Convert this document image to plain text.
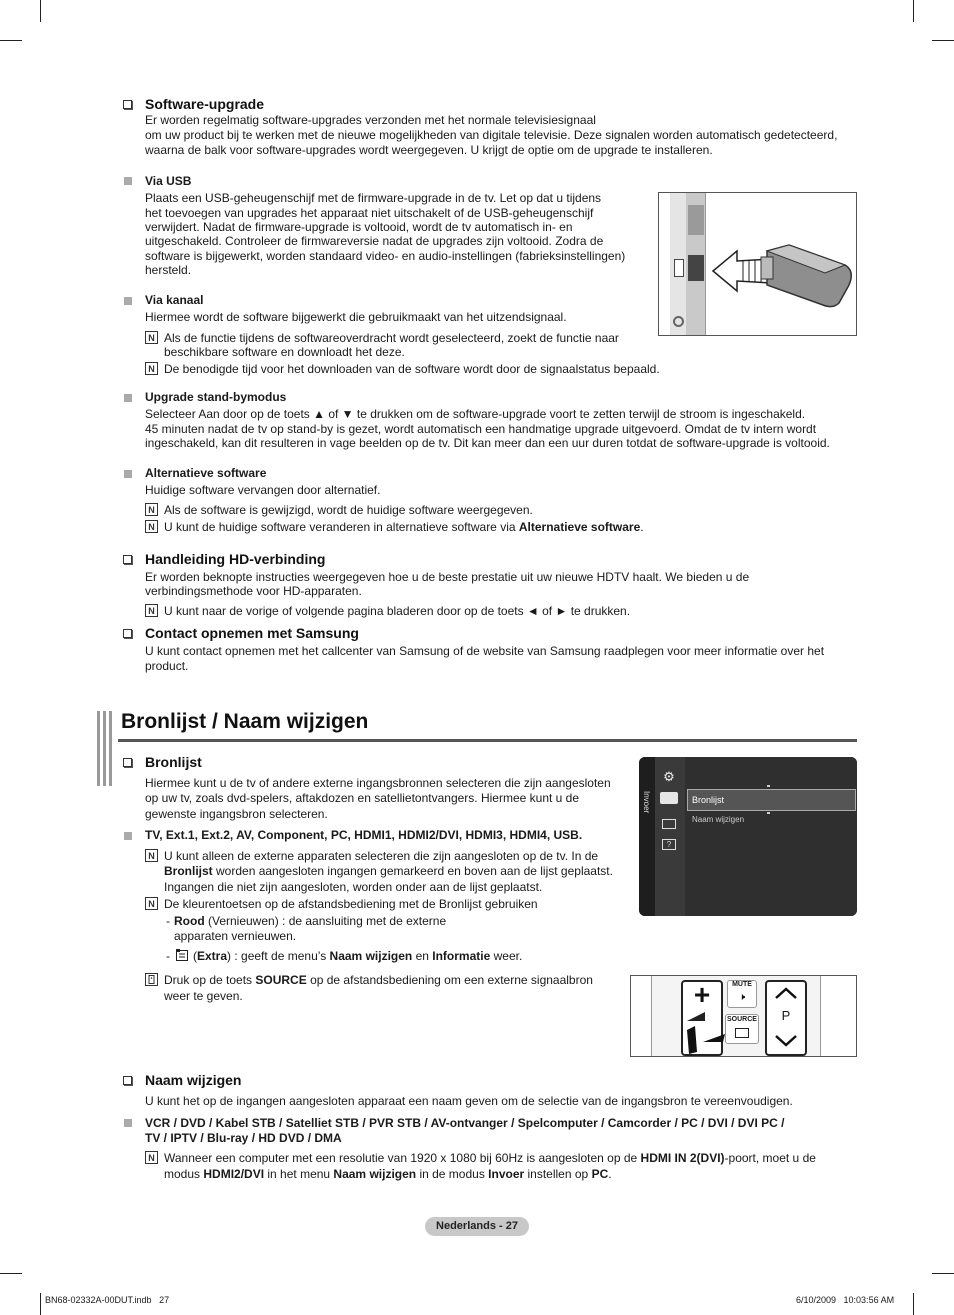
Software-upgrade
Er worden regelmatig software-upgrades verzonden met het normale televisiesignaal
om uw product bij te werken met de nieuwe mogelijkheden van digitale televisie. Deze signalen worden automatisch gedetecteerd,
waarna de balk voor software-upgrades wordt weergegeven. U krijgt de optie om de upgrade te installeren.
Via USB
Plaats een USB-geheugenschijf met de firmware-upgrade in de tv. Let op dat u tijdens
het toevoegen van upgrades het apparaat niet uitschakelt of de USB-geheugenschijf
verwijdert. Nadat de firmware-upgrade is voltooid, wordt de tv automatisch in- en
uitgeschakeld. Controleer de firmwareversie nadat de upgrades zijn voltooid. Zodra de
software is bijgewerkt, worden standaard video- en audio-instellingen (fabrieksinstellingen)
hersteld.
Via kanaal
Hiermee wordt de software bijgewerkt die gebruikmaakt van het uitzendsignaal.
N Als de functie tijdens de softwareoverdracht wordt geselecteerd, zoekt de functie naar
beschikbare software en downloadt het deze.
N De benodigde tijd voor het downloaden van de software wordt door de signaalstatus bepaald.
Upgrade stand-bymodus
Selecteer Aan door op de toets ▲ of ▼ te drukken om de software-upgrade voort te zetten terwijl de stroom is ingeschakeld.
45 minuten nadat de tv op stand-by is gezet, wordt automatisch een handmatige upgrade uitgevoerd. Omdat de tv intern wordt
ingeschakeld, kan dit resulteren in vage beelden op de tv. Dit kan meer dan een uur duren totdat de software-upgrade is voltooid.
Alternatieve software
Huidige software vervangen door alternatief.
N Als de software is gewijzigd, wordt de huidige software weergegeven.
N U kunt de huidige software veranderen in alternatieve software via Alternatieve software.
Handleiding HD-verbinding
Er worden beknopte instructies weergegeven hoe u de beste prestatie uit uw nieuwe HDTV haalt. We bieden u de
verbindingsmethode voor HD-apparaten.
N U kunt naar de vorige of volgende pagina bladeren door op de toets ◄ of ► te drukken.
Contact opnemen met Samsung
U kunt contact opnemen met het callcenter van Samsung of de website van Samsung raadplegen voor meer informatie over het
product.
Bronlijst / Naam wijzigen
Bronlijst
Hiermee kunt u de tv of andere externe ingangsbronnen selecteren die zijn aangesloten
op uw tv, zoals dvd-spelers, aftakdozen en satellietontvangers. Hiermee kunt u de
gewenste ingangsbron selecteren.
TV, Ext.1, Ext.2, AV, Component, PC, HDMI1, HDMI2/DVI, HDMI3, HDMI4, USB.
N U kunt alleen de externe apparaten selecteren die zijn aangesloten op de tv. In de
Bronlijst worden aangesloten ingangen gemarkeerd en boven aan de lijst geplaatst.
Ingangen die niet zijn aangesloten, worden onder aan de lijst geplaatst.
N De kleurentoetsen op de afstandsbediening met de Bronlijst gebruiken
- Rood (Vernieuwen) : de aansluiting met de externe
apparaten vernieuwen.
- (Extra) : geeft de menu’s Naam wijzigen en Informatie weer.
Druk op de toets SOURCE op de afstandsbediening om een externe signaalbron
weer te geven.
Invoer
⚙
?
Bronlijst
Naam wijzigen
+	MUTE
🕨
SOURCE	P
Naam wijzigen
U kunt het op de ingangen aangesloten apparaat een naam geven om de selectie van de ingangsbron te vereenvoudigen.
VCR / DVD / Kabel STB / Satelliet STB / PVR STB / AV-ontvanger / Spelcomputer / Camcorder / PC / DVI / DVI PC /
TV / IPTV / Blu-ray / HD DVD / DMA
N Wanneer een computer met een resolutie van 1920 x 1080 bij 60Hz is aangesloten op de HDMI IN 2(DVI)-poort, moet u de
modus HDMI2/DVI in het menu Naam wijzigen in de modus Invoer instellen op PC.
Nederlands - 27
BN68-02332A-00DUT.indb   27	6/10/2009   10:03:56 AM
